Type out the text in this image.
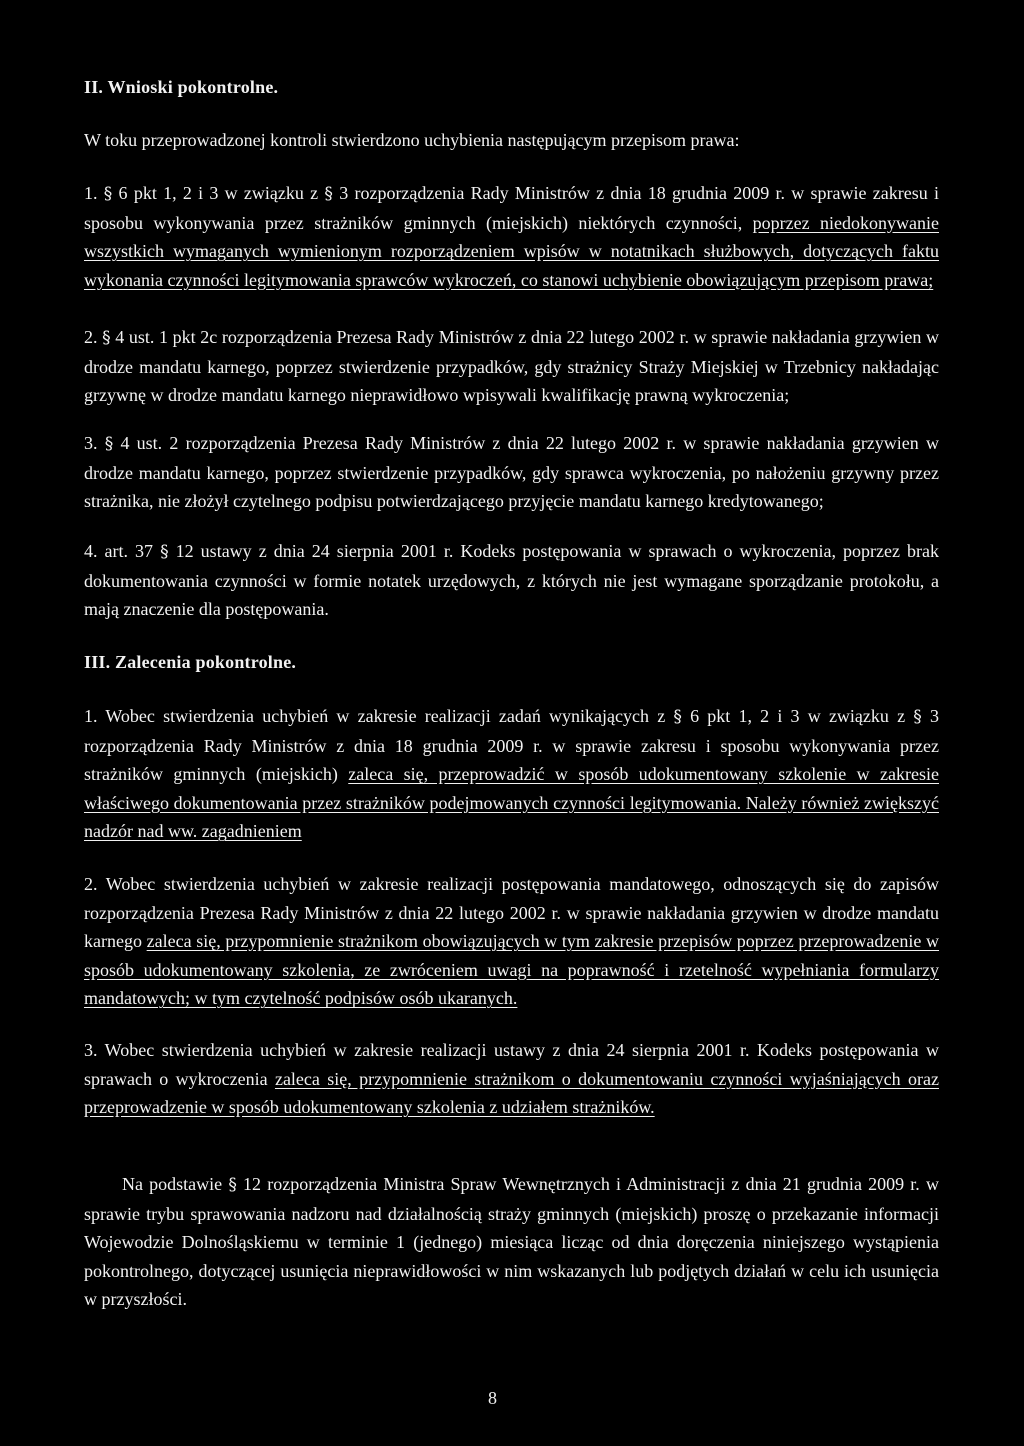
II. Wnioski pokontrolne.

W toku przeprowadzonej kontroli stwierdzono uchybienia następującym przepisom prawa:

1. § 6 pkt 1, 2 i 3 w związku z § 3 rozporządzenia Rady Ministrów z dnia 18 grudnia 2009 r. w sprawie zakresu i sposobu wykonywania przez strażników gminnych (miejskich) niektórych czynności, poprzez niedokonywanie wszystkich wymaganych wymienionym rozporządzeniem wpisów w notatnikach służbowych, dotyczących faktu wykonania czynności legitymowania sprawców wykroczeń, co stanowi uchybienie obowiązującym przepisom prawa;

2. § 4 ust. 1 pkt 2c rozporządzenia Prezesa Rady Ministrów z dnia 22 lutego 2002 r. w sprawie nakładania grzywien w drodze mandatu karnego, poprzez stwierdzenie przypadków, gdy strażnicy Straży Miejskiej w Trzebnicy nakładając grzywnę w drodze mandatu karnego nieprawidłowo wpisywali kwalifikację prawną wykroczenia;

3. § 4 ust. 2 rozporządzenia Prezesa Rady Ministrów z dnia 22 lutego 2002 r. w sprawie nakładania grzywien w drodze mandatu karnego, poprzez stwierdzenie przypadków, gdy sprawca wykroczenia, po nałożeniu grzywny przez strażnika, nie złożył czytelnego podpisu potwierdzającego przyjęcie mandatu karnego kredytowanego;

4. art. 37 § 12 ustawy z dnia 24 sierpnia 2001 r. Kodeks postępowania w sprawach o wykroczenia, poprzez brak dokumentowania czynności w formie notatek urzędowych, z których nie jest wymagane sporządzanie protokołu, a mają znaczenie dla postępowania.

III. Zalecenia pokontrolne.

1. Wobec stwierdzenia uchybień w zakresie realizacji zadań wynikających z § 6 pkt 1, 2 i 3 w związku z § 3 rozporządzenia Rady Ministrów z dnia 18 grudnia 2009 r. w sprawie zakresu i sposobu wykonywania przez strażników gminnych (miejskich) zaleca się, przeprowadzić w sposób udokumentowany szkolenie w zakresie właściwego dokumentowania przez strażników podejmowanych czynności legitymowania. Należy również zwiększyć nadzór nad ww. zagadnieniem

2. Wobec stwierdzenia uchybień w zakresie realizacji postępowania mandatowego, odnoszących się do zapisów rozporządzenia Prezesa Rady Ministrów z dnia 22 lutego 2002 r. w sprawie nakładania grzywien w drodze mandatu karnego zaleca się, przypomnienie strażnikom obowiązujących w tym zakresie przepisów poprzez przeprowadzenie w sposób udokumentowany szkolenia, ze zwróceniem uwagi na poprawność i rzetelność wypełniania formularzy mandatowych; w tym czytelność podpisów osób ukaranych.

3. Wobec stwierdzenia uchybień w zakresie realizacji ustawy z dnia 24 sierpnia 2001 r. Kodeks postępowania w sprawach o wykroczenia zaleca się, przypomnienie strażnikom o dokumentowaniu czynności wyjaśniających oraz przeprowadzenie w sposób udokumentowany szkolenia z udziałem strażników.

Na podstawie § 12 rozporządzenia Ministra Spraw Wewnętrznych i Administracji z dnia 21 grudnia 2009 r. w sprawie trybu sprawowania nadzoru nad działalnością straży gminnych (miejskich) proszę o przekazanie informacji Wojewodzie Dolnośląskiemu w terminie 1 (jednego) miesiąca licząc od dnia doręczenia niniejszego wystąpienia pokontrolnego, dotyczącej usunięcia nieprawidłowości w nim wskazanych lub podjętych działań w celu ich usunięcia w przyszłości.

8
